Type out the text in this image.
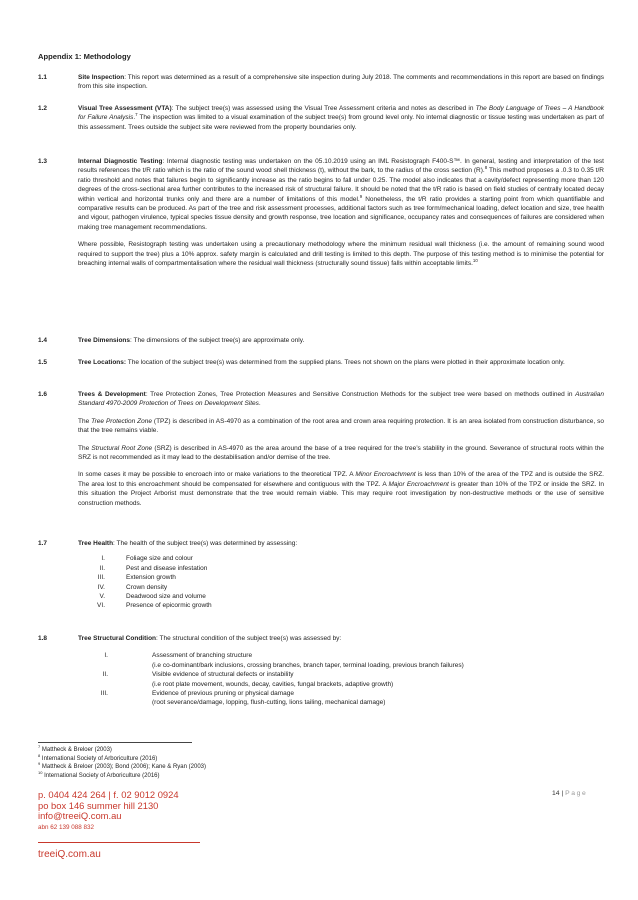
Appendix 1: Methodology
1.1	Site Inspection: This report was determined as a result of a comprehensive site inspection during July 2018. The comments and recommendations in this report are based on findings from this site inspection.

1.2	Visual Tree Assessment (VTA): The subject tree(s) was assessed using the Visual Tree Assessment criteria and notes as described in The Body Language of Trees – A Handbook for Failure Analysis.$^7$ The inspection was limited to a visual examination of the subject tree(s) from ground level only. No internal diagnostic or tissue testing was undertaken as part of this assessment. Trees outside the subject site were reviewed from the property boundaries only.

1.3	Internal Diagnostic Testing: Internal diagnostic testing was undertaken on the 05.10.2019 using an IML Resistograph F400-S™. In general, testing and interpretation of the test results references the t/R ratio which is the ratio of the sound wood shell thickness (t), without the bark, to the radius of the cross section (R).$^8$ This method proposes a .0.3 to 0.35 t/R ratio threshold and notes that failures begin to significantly increase as the ratio begins to fall under 0.25. The model also indicates that a cavity/defect representing more than 120 degrees of the cross-sectional area further contributes to the increased risk of structural failure. It should be noted that the t/R ratio is based on field studies of centrally located decay within vertical and horizontal trunks only and there are a number of limitations of this model.$^9$ Nonetheless, the t/R ratio provides a starting point from which quantifiable and comparative results can be produced. As part of the tree and risk assessment processes, additional factors such as tree form/mechanical loading, defect location and size, tree health and vigour, pathogen virulence, typical species tissue density and growth response, tree location and significance, occupancy rates and consequences of failures are considered when making tree management recommendations.

Where possible, Resistograph testing was undertaken using a precautionary methodology where the minimum residual wall thickness (i.e. the amount of remaining sound wood required to support the tree) plus a 10% approx. safety margin is calculated and drill testing is limited to this depth. The purpose of this testing method is to minimise the potential for breaching internal walls of compartmentalisation where the residual wall thickness (structurally sound tissue) falls within acceptable limits.$^{10}$

1.4	Tree Dimensions: The dimensions of the subject tree(s) are approximate only.

1.5	Tree Locations: The location of the subject tree(s) was determined from the supplied plans. Trees not shown on the plans were plotted in their approximate location only.

1.6	Trees & Development: Tree Protection Zones, Tree Protection Measures and Sensitive Construction Methods for the subject tree were based on methods outlined in Australian Standard 4970-2009 Protection of Trees on Development Sites.

The Tree Protection Zone (TPZ) is described in AS-4970 as a combination of the root area and crown area requiring protection. It is an area isolated from construction disturbance, so that the tree remains viable.

The Structural Root Zone (SRZ) is described in AS-4970 as the area around the base of a tree required for the tree’s stability in the ground. Severance of structural roots within the SRZ is not recommended as it may lead to the destabilisation and/or demise of the tree.

In some cases it may be possible to encroach into or make variations to the theoretical TPZ. A Minor Encroachment is less than 10% of the area of the TPZ and is outside the SRZ. The area lost to this encroachment should be compensated for elsewhere and contiguous with the TPZ. A Major Encroachment is greater than 10% of the TPZ or inside the SRZ. In this situation the Project Arborist must demonstrate that the tree would remain viable. This may require root investigation by non-destructive methods or the use of sensitive construction methods.

1.7	Tree Health: The health of the subject tree(s) was determined by assessing:

I.	Foliage size and colour
II.	Pest and disease infestation
III.	Extension growth
IV.	Crown density
V.	Deadwood size and volume
VI.	Presence of epicormic growth
1.8	Tree Structural Condition: The structural condition of the subject tree(s) was assessed by:

I.	Assessment of branching structure
(i.e co-dominant/bark inclusions, crossing branches, branch taper, terminal loading, previous branch failures)
II.	Visible evidence of structural defects or instability
(i.e root plate movement, wounds, decay, cavities, fungal brackets, adaptive growth)
III.	Evidence of previous pruning or physical damage
(root severance/damage, lopping, flush-cutting, lions tailing, mechanical damage)
$^7$ Mattheck & Breloer (2003)
$^8$ International Society of Arboriculture (2016)
$^9$ Mattheck & Breloer (2003); Bond (2006); Kane & Ryan (2003)
$^{10}$ International Society of Arboriculture (2016)
p. 0404 424 264 | f. 02 9012 0924
po box 146 summer hill 2130
info@treeiQ.com.au
abn 62 139 088 832
treeiQ.com.au
14 | Page
